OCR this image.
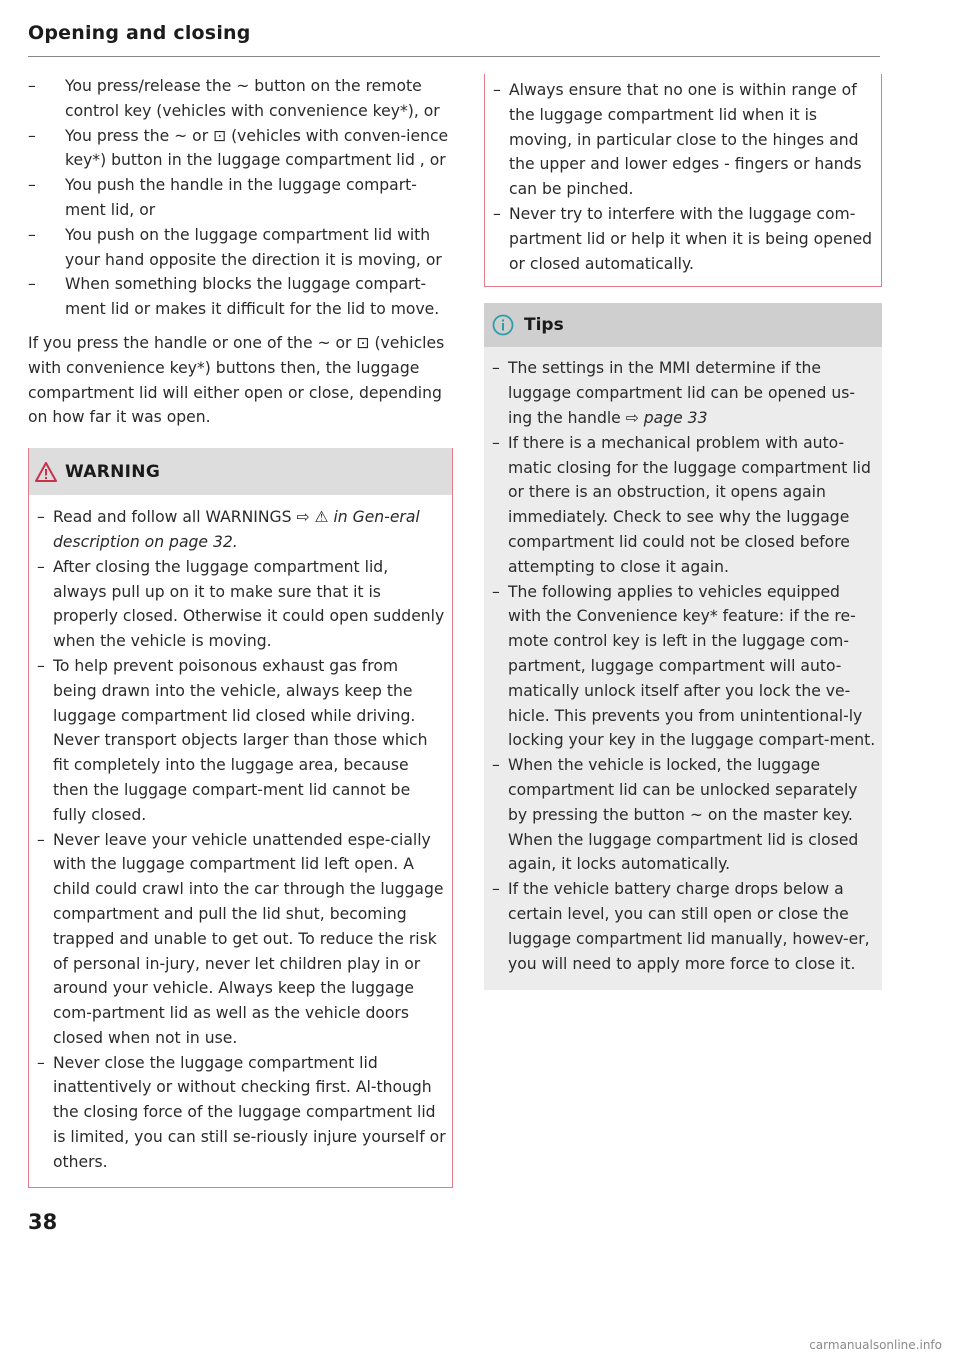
Opening and closing
– You press/release the ~ button on the remote control key (vehicles with convenience key*), or
– You press the ~ or ⊡ (vehicles with conven-ience key*) button in the luggage compartment lid , or
– You push the handle in the luggage compart-ment lid, or
– You push on the luggage compartment lid with your hand opposite the direction it is moving, or
– When something blocks the luggage compart-ment lid or makes it difficult for the lid to move.

If you press the handle or one of the ~ or ⊡ (vehicles with convenience key*) buttons then, the luggage compartment lid will either open or close, depending on how far it was open.

WARNING
– Read and follow all WARNINGS ⇨ ⚠ in Gen-eral description on page 32.
– After closing the luggage compartment lid, always pull up on it to make sure that it is properly closed. Otherwise it could open suddenly when the vehicle is moving.
– To help prevent poisonous exhaust gas from being drawn into the vehicle, always keep the luggage compartment lid closed while driving. Never transport objects larger than those which fit completely into the luggage area, because then the luggage compart-ment lid cannot be fully closed.
– Never leave your vehicle unattended espe-cially with the luggage compartment lid left open. A child could crawl into the car through the luggage compartment and pull the lid shut, becoming trapped and unable to get out. To reduce the risk of personal in-jury, never let children play in or around your vehicle. Always keep the luggage com-partment lid as well as the vehicle doors closed when not in use.
– Never close the luggage compartment lid inattentively or without checking first. Al-though the closing force of the luggage compartment lid is limited, you can still se-riously injure yourself or others.
38
– Always ensure that no one is within range of the luggage compartment lid when it is moving, in particular close to the hinges and the upper and lower edges - fingers or hands can be pinched.
– Never try to interfere with the luggage com-partment lid or help it when it is being opened or closed automatically.
Tips
– The settings in the MMI determine if the luggage compartment lid can be opened us-ing the handle ⇨ page 33
– If there is a mechanical problem with auto-matic closing for the luggage compartment lid or there is an obstruction, it opens again immediately. Check to see why the luggage compartment lid could not be closed before attempting to close it again.
– The following applies to vehicles equipped with the Convenience key* feature: if the re-mote control key is left in the luggage com-partment, luggage compartment will auto-matically unlock itself after you lock the ve-hicle. This prevents you from unintentional-ly locking your key in the luggage compart-ment.
– When the vehicle is locked, the luggage compartment lid can be unlocked separately by pressing the button ~ on the master key. When the luggage compartment lid is closed again, it locks automatically.
– If the vehicle battery charge drops below a certain level, you can still open or close the luggage compartment lid manually, howev-er, you will need to apply more force to close it.
carmanualsonline.info
